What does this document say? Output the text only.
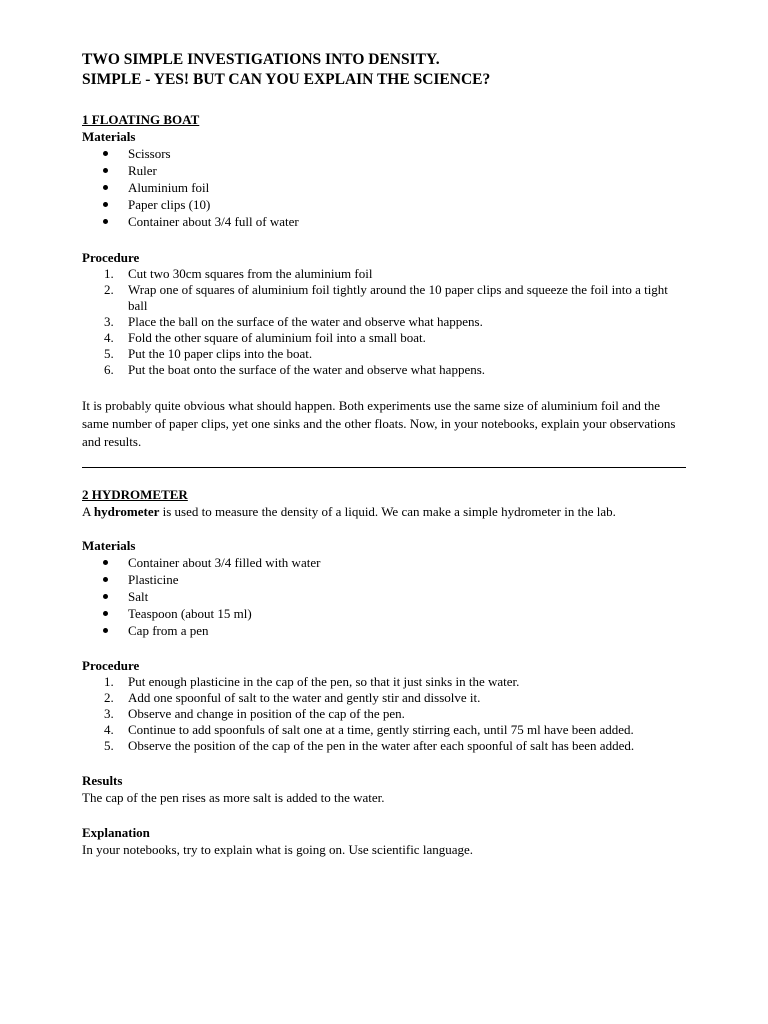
TWO SIMPLE INVESTIGATIONS INTO DENSITY.

SIMPLE - YES! BUT CAN YOU EXPLAIN THE SCIENCE?

1 FLOATING BOAT

Materials

Scissors
Ruler
Aluminium foil
Paper clips (10)
Container about 3/4 full of water

Procedure

1. Cut two 30cm squares from the aluminium foil
2. Wrap one of squares of aluminium foil tightly around the 10 paper clips and squeeze the foil into a tight ball
3. Place the ball on the surface of the water and observe what happens.
4. Fold the other square of aluminium foil into a small boat.
5. Put the 10 paper clips into the boat.
6. Put the boat onto the surface of the water and observe what happens.

It is probably quite obvious what should happen. Both experiments use the same size of aluminium foil and the same number of paper clips, yet one sinks and the other floats. Now, in your notebooks, explain your observations and results.

2 HYDROMETER

A hydrometer is used to measure the density of a liquid. We can make a simple hydrometer in the lab.

Materials

Container about 3/4 filled with water
Plasticine
Salt
Teaspoon (about 15 ml)
Cap from a pen

Procedure

1. Put enough plasticine in the cap of the pen, so that it just sinks in the water.
2. Add one spoonful of salt to the water and gently stir and dissolve it.
3. Observe and change in position of the cap of the pen.
4. Continue to add spoonfuls of salt one at a time, gently stirring each, until 75 ml have been added.
5. Observe the position of the cap of the pen in the water after each spoonful of salt has been added.

Results

The cap of the pen rises as more salt is added to the water.

Explanation

In your notebooks, try to explain what is going on. Use scientific language.
